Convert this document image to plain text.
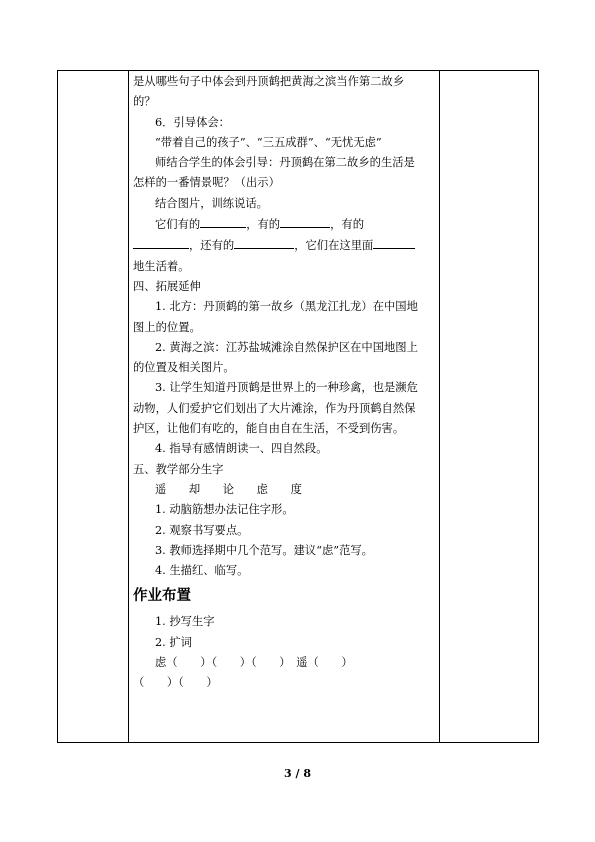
是从哪些句子中体会到丹顶鹤把黄海之滨当作第二故乡

的？

6．引导体会：

“带着自己的孩子”、“三五成群”、“无忧无虑”

师结合学生的体会引导：丹顶鹤在第二故乡的生活是

怎样的一番情景呢？（出示）

结合图片，训练说话。

它们有的	，有的	，有的

，还有的	，它们在这里面

地生活着。

四、拓展延伸

1. 北方：丹顶鹤的第一故乡（黑龙江扎龙）在中国地

图上的位置。

2. 黄海之滨：江苏盐城滩涂自然保护区在中国地图上

的位置及相关图片。

3. 让学生知道丹顶鹤是世界上的一种珍禽，也是濒危

动物，人们爱护它们划出了大片滩涂，作为丹顶鹤自然保

护区，让他们有吃的，能自由自在生活，不受到伤害。

4. 指导有感情朗读一、四自然段。

五、教学部分生字

遥　　却　　论　　虑　　度

1. 动脑筋想办法记住字形。

2. 观察书写要点。

3. 教师选择期中几个范写。建议“虑”范写。

4. 生描红、临写。

作业布置

1. 抄写生字

2. 扩词

虑（　　）（　　）（　　）　遥（　　）

（　　）（　　）

3 / 8
